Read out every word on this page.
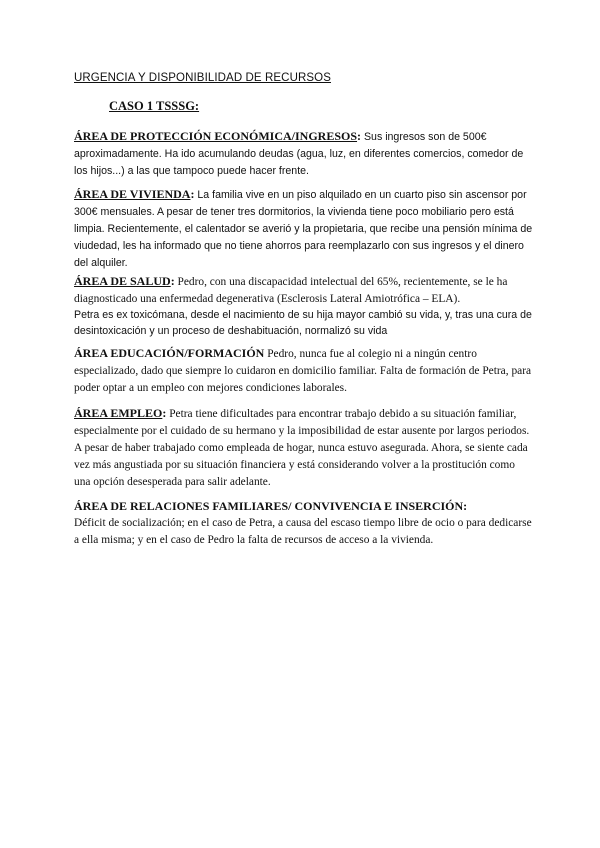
URGENCIA Y DISPONIBILIDAD DE RECURSOS
CASO 1 TSSSG:
ÁREA DE PROTECCIÓN ECONÓMICA/INGRESOS: Sus ingresos son de 500€ aproximadamente. Ha ido acumulando deudas (agua, luz, en diferentes comercios, comedor de los hijos...) a las que tampoco puede hacer frente.
ÁREA DE VIVIENDA: La familia vive en un piso alquilado en un cuarto piso sin ascensor por 300€ mensuales. A pesar de tener tres dormitorios, la vivienda tiene poco mobiliario pero está limpia. Recientemente, el calentador se averió y la propietaria, que recibe una pensión mínima de viudedad, les ha informado que no tiene ahorros para reemplazarlo con sus ingresos y el dinero del alquiler.
ÁREA DE SALUD: Pedro, con una discapacidad intelectual del 65%, recientemente, se le ha diagnosticado una enfermedad degenerativa (Esclerosis Lateral Amiotrófica – ELA).
Petra es ex toxicómana, desde el nacimiento de su hija mayor cambió su vida, y, tras una cura de desintoxicación y un proceso de deshabituación, normalizó su vida
ÁREA EDUCACIÓN/FORMACIÓN Pedro, nunca fue al colegio ni a ningún centro especializado, dado que siempre lo cuidaron en domicilio familiar. Falta de formación de Petra, para poder optar a un empleo con mejores condiciones laborales.
ÁREA EMPLEO: Petra tiene dificultades para encontrar trabajo debido a su situación familiar, especialmente por el cuidado de su hermano y la imposibilidad de estar ausente por largos periodos. A pesar de haber trabajado como empleada de hogar, nunca estuvo asegurada. Ahora, se siente cada vez más angustiada por su situación financiera y está considerando volver a la prostitución como una opción desesperada para salir adelante.
ÁREA DE RELACIONES FAMILIARES/ CONVIVENCIA E INSERCIÓN:
Déficit de socialización; en el caso de Petra, a causa del escaso tiempo libre de ocio o para dedicarse a ella misma; y en el caso de Pedro la falta de recursos de acceso a la vivienda.
